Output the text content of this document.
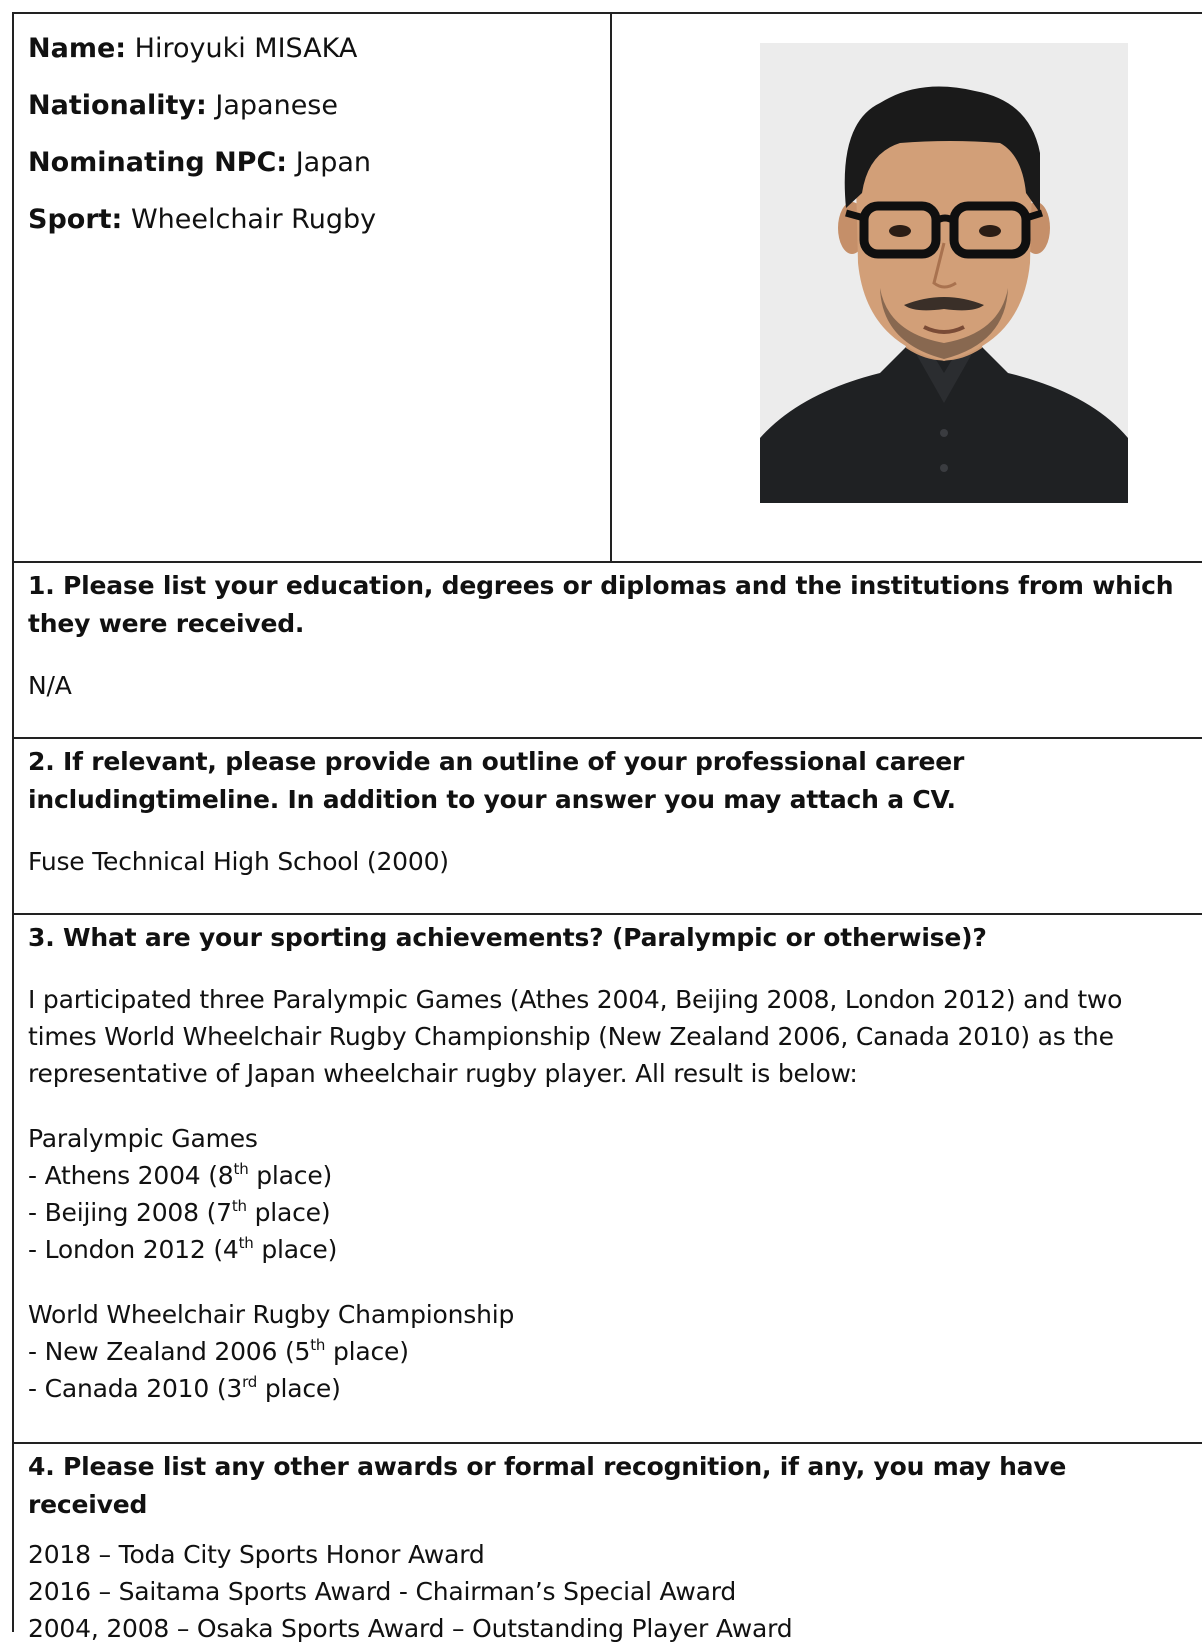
Name: Hiroyuki MISAKA
Nationality: Japanese
Nominating NPC: Japan
Sport: Wheelchair Rugby
1. Please list your education, degrees or diplomas and the institutions from which they were received.
N/A
2. If relevant, please provide an outline of your professional career includingtimeline. In addition to your answer you may attach a CV.
Fuse Technical High School (2000)
3. What are your sporting achievements? (Paralympic or otherwise)?
I participated three Paralympic Games (Athes 2004, Beijing 2008, London 2012) and two times World Wheelchair Rugby Championship (New Zealand 2006, Canada 2010) as the representative of Japan wheelchair rugby player. All result is below:
Paralympic Games
- Athens 2004 (8th place)
- Beijing 2008 (7th place)
- London 2012 (4th place)
World Wheelchair Rugby Championship
- New Zealand 2006 (5th place)
- Canada 2010 (3rd place)
4. Please list any other awards or formal recognition, if any, you may have received
2018 – Toda City Sports Honor Award
2016 – Saitama Sports Award - Chairman’s Special Award
2004, 2008 – Osaka Sports Award – Outstanding Player Award
